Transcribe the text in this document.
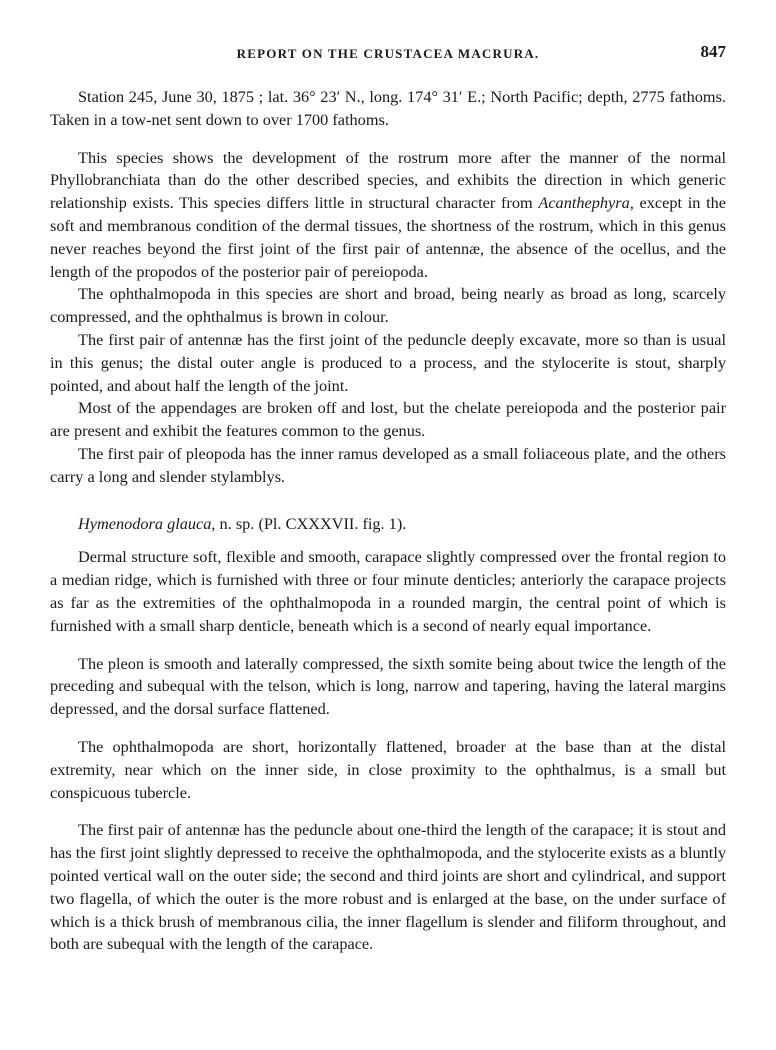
REPORT ON THE CRUSTACEA MACRURA.	847

Station 245, June 30, 1875 ; lat. 36° 23′ N., long. 174° 31′ E.; North Pacific; depth, 2775 fathoms. Taken in a tow-net sent down to over 1700 fathoms.

This species shows the development of the rostrum more after the manner of the normal Phyllobranchiata than do the other described species, and exhibits the direction in which generic relationship exists. This species differs little in structural character from Acanthephyra, except in the soft and membranous condition of the dermal tissues, the shortness of the rostrum, which in this genus never reaches beyond the first joint of the first pair of antennæ, the absence of the ocellus, and the length of the propodos of the posterior pair of pereiopoda.

The ophthalmopoda in this species are short and broad, being nearly as broad as long, scarcely compressed, and the ophthalmus is brown in colour.

The first pair of antennæ has the first joint of the peduncle deeply excavate, more so than is usual in this genus; the distal outer angle is produced to a process, and the stylocerite is stout, sharply pointed, and about half the length of the joint.

Most of the appendages are broken off and lost, but the chelate pereiopoda and the posterior pair are present and exhibit the features common to the genus.

The first pair of pleopoda has the inner ramus developed as a small foliaceous plate, and the others carry a long and slender stylamblys.

Hymenodora glauca, n. sp. (Pl. CXXXVII. fig. 1).

Dermal structure soft, flexible and smooth, carapace slightly compressed over the frontal region to a median ridge, which is furnished with three or four minute denticles; anteriorly the carapace projects as far as the extremities of the ophthalmopoda in a rounded margin, the central point of which is furnished with a small sharp denticle, beneath which is a second of nearly equal importance.

The pleon is smooth and laterally compressed, the sixth somite being about twice the length of the preceding and subequal with the telson, which is long, narrow and tapering, having the lateral margins depressed, and the dorsal surface flattened.

The ophthalmopoda are short, horizontally flattened, broader at the base than at the distal extremity, near which on the inner side, in close proximity to the ophthalmus, is a small but conspicuous tubercle.

The first pair of antennæ has the peduncle about one-third the length of the carapace; it is stout and has the first joint slightly depressed to receive the ophthalmopoda, and the stylocerite exists as a bluntly pointed vertical wall on the outer side; the second and third joints are short and cylindrical, and support two flagella, of which the outer is the more robust and is enlarged at the base, on the under surface of which is a thick brush of membranous cilia, the inner flagellum is slender and filiform throughout, and both are subequal with the length of the carapace.
